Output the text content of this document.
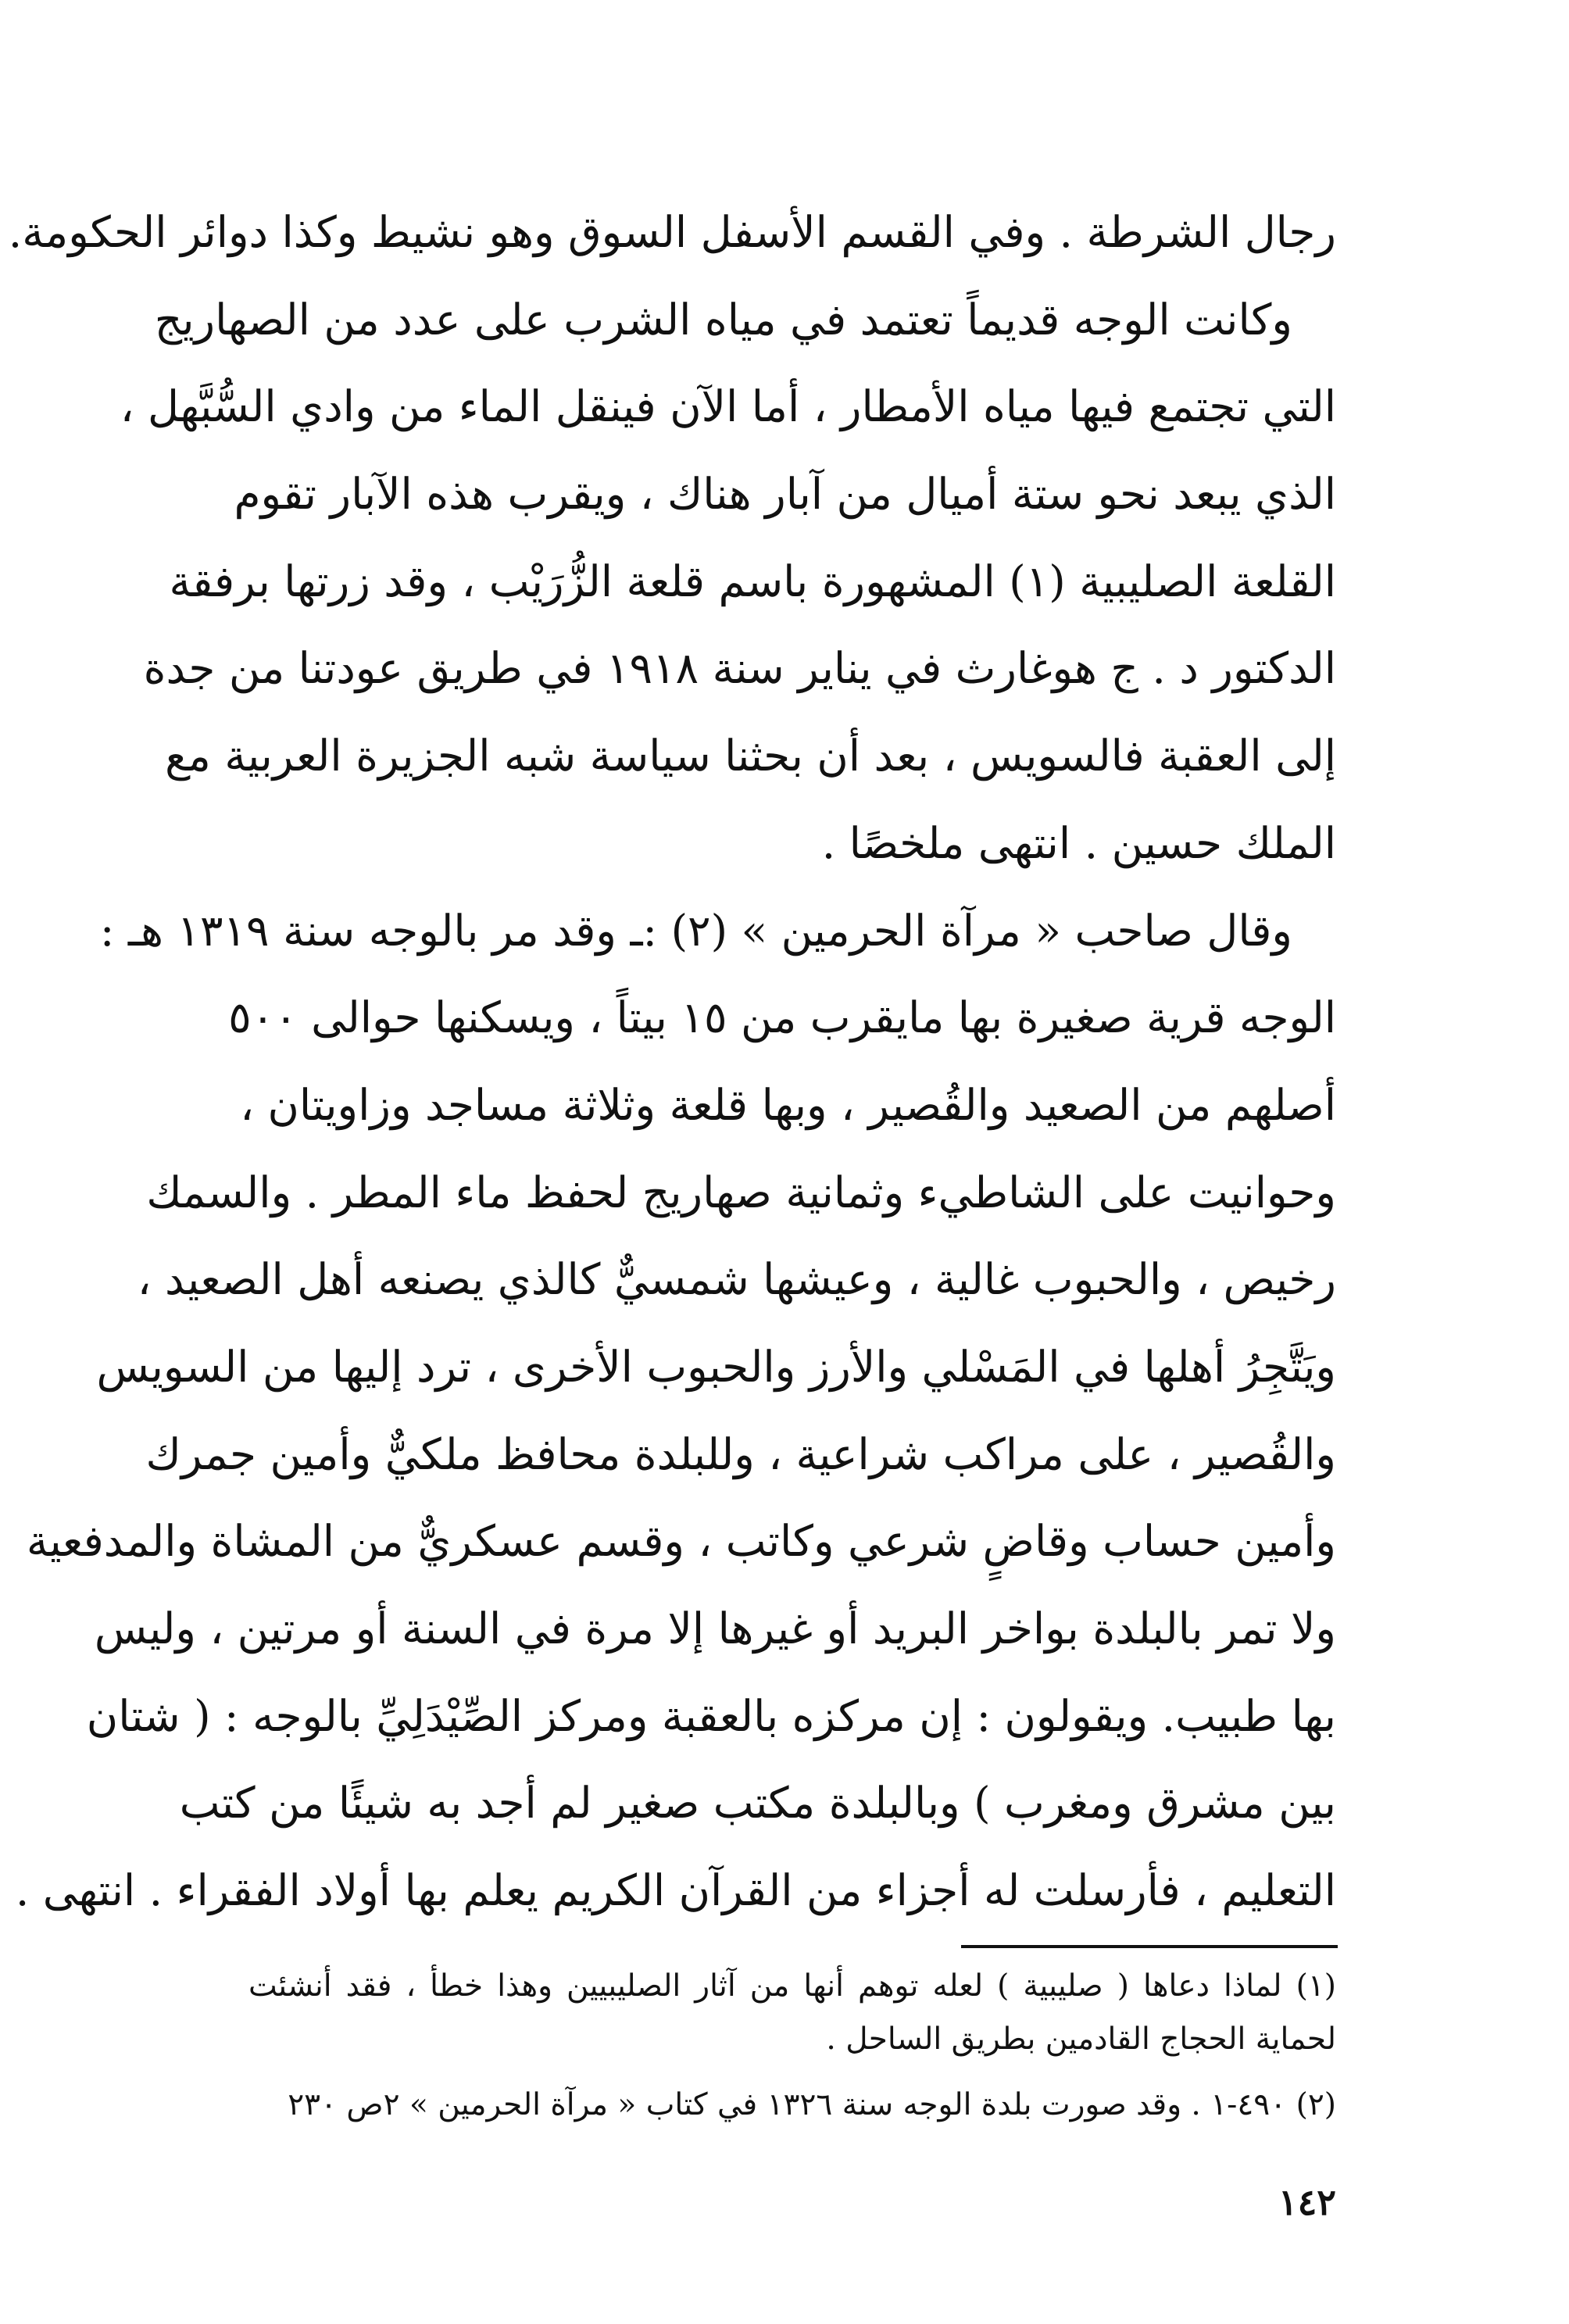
رجال الشرطة . وفي القسم الأسفل السوق وهو نشيط وكذا دوائر الحكومة.
وكانت الوجه قديماً تعتمد في مياه الشرب على عدد من الصهاريج
التي تجتمع فيها مياه الأمطار ، أما الآن فينقل الماء من وادي السُّبَّهل ،
الذي يبعد نحو ستة أميال من آبار هناك ، ويقرب هذه الآبار تقوم
القلعة الصليبية (١) المشهورة باسم قلعة الزُّرَيْب ، وقد زرتها برفقة
الدكتور د . ج هوغارث في يناير سنة ١٩١٨ في طريق عودتنا من جدة
إلى العقبة فالسويس ، بعد أن بحثنا سياسة شبه الجزيرة العربية مع
الملك حسين . انتهى ملخصًا .
وقال صاحب « مرآة الحرمين » (٢) :ـ وقد مر بالوجه سنة ١٣١٩ هـ :
الوجه قرية صغيرة بها مايقرب من ١٥ بيتاً ، ويسكنها حوالى ٥٠٠
أصلهم من الصعيد والقُصير ، وبها قلعة وثلاثة مساجد وزاويتان ،
وحوانيت على الشاطيء وثمانية صهاريج لحفظ ماء المطر . والسمك
رخيص ، والحبوب غالية ، وعيشها شمسيٌّ كالذي يصنعه أهل الصعيد ،
ويَتَّجِرُ أهلها في المَسْلي والأرز والحبوب الأخرى ، ترد إليها من السويس
والقُصير ، على مراكب شراعية ، وللبلدة محافظ ملكيٌّ وأمين جمرك
وأمين حساب وقاضٍ شرعي وكاتب ، وقسم عسكريٌّ من المشاة والمدفعية
ولا تمر بالبلدة بواخر البريد أو غيرها إلا مرة في السنة أو مرتين ، وليس
بها طبيب. ويقولون : إن مركزه بالعقبة ومركز الصِّيْدَلِيِّ بالوجه : ( شتان
بين مشرق ومغرب ) وبالبلدة مكتب صغير لم أجد به شيئًا من كتب
التعليم ، فأرسلت له أجزاء من القرآن الكريم يعلم بها أولاد الفقراء . انتهى .
(١) لماذا دعاها ( صليبية ) لعله توهم أنها من آثار الصليبيين وهذا خطأ ، فقد أنشئت
لحماية الحجاج القادمين بطريق الساحل .
(٢) ٤٩٠-١ . وقد صورت بلدة الوجه سنة ١٣٢٦ في كتاب « مرآة الحرمين » ٢ص ٢٣٠
١٤٢
